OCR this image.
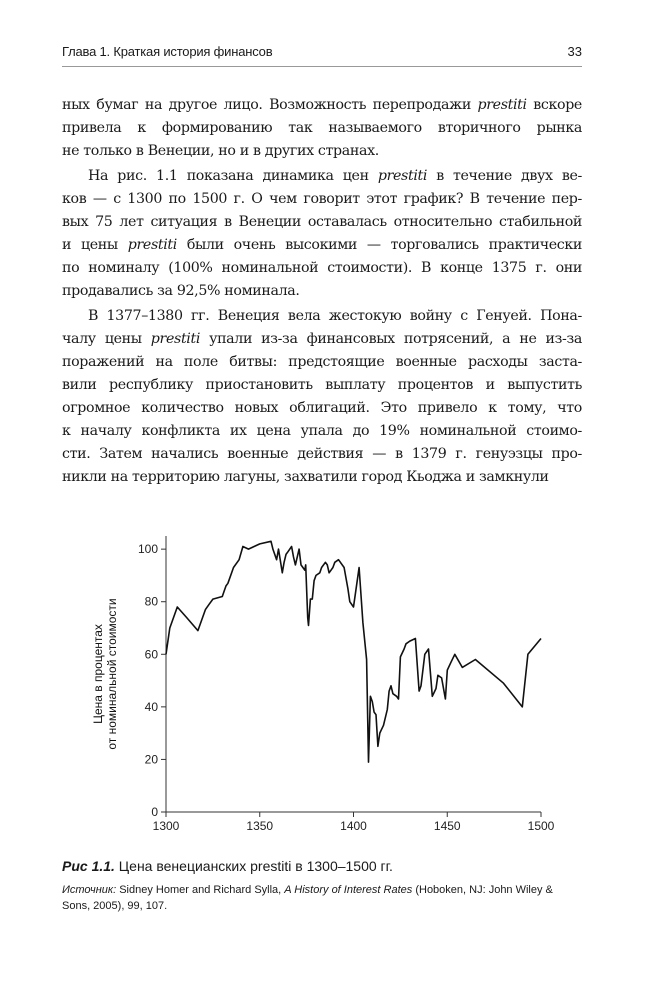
Глава 1. Краткая история финансов	33
ных бумаг на другое лицо. Возможность перепродажи prestiti вскоре
привела к формированию так называемого вторичного рынка
не только в Венеции, но и в других странах.
На рис. 1.1 показана динамика цен prestiti в течение двух ве-
ков — с 1300 по 1500 г. О чем говорит этот график? В течение пер-
вых 75 лет ситуация в Венеции оставалась относительно стабильной
и цены prestiti были очень высокими — торговались практически
по номиналу (100% номинальной стоимости). В конце 1375 г. они
продавались за 92,5% номинала.
В 1377–1380 гг. Венеция вела жестокую войну с Генуей. Пона-
чалу цены prestiti упали из-за финансовых потрясений, а не из-за
поражений на поле битвы: предстоящие военные расходы заста-
вили республику приостановить выплату процентов и выпустить
огромное количество новых облигаций. Это привело к тому, что
к началу конфликта их цена упала до 19% номинальной стоимо-
сти. Затем начались военные действия — в 1379 г. генуэзцы про-
никли на территорию лагуны, захватили город Кьоджа и замкнули
0
20
40
60
80
100
1300	1350	1400	1450	1500
Цена в процентах от номинальной стоимости
Рис 1.1. Цена венецианских prestiti в 1300–1500 гг.
Источник: Sidney Homer and Richard Sylla, A History of Interest Rates (Hoboken, NJ: John Wiley & Sons, 2005), 99, 107.
